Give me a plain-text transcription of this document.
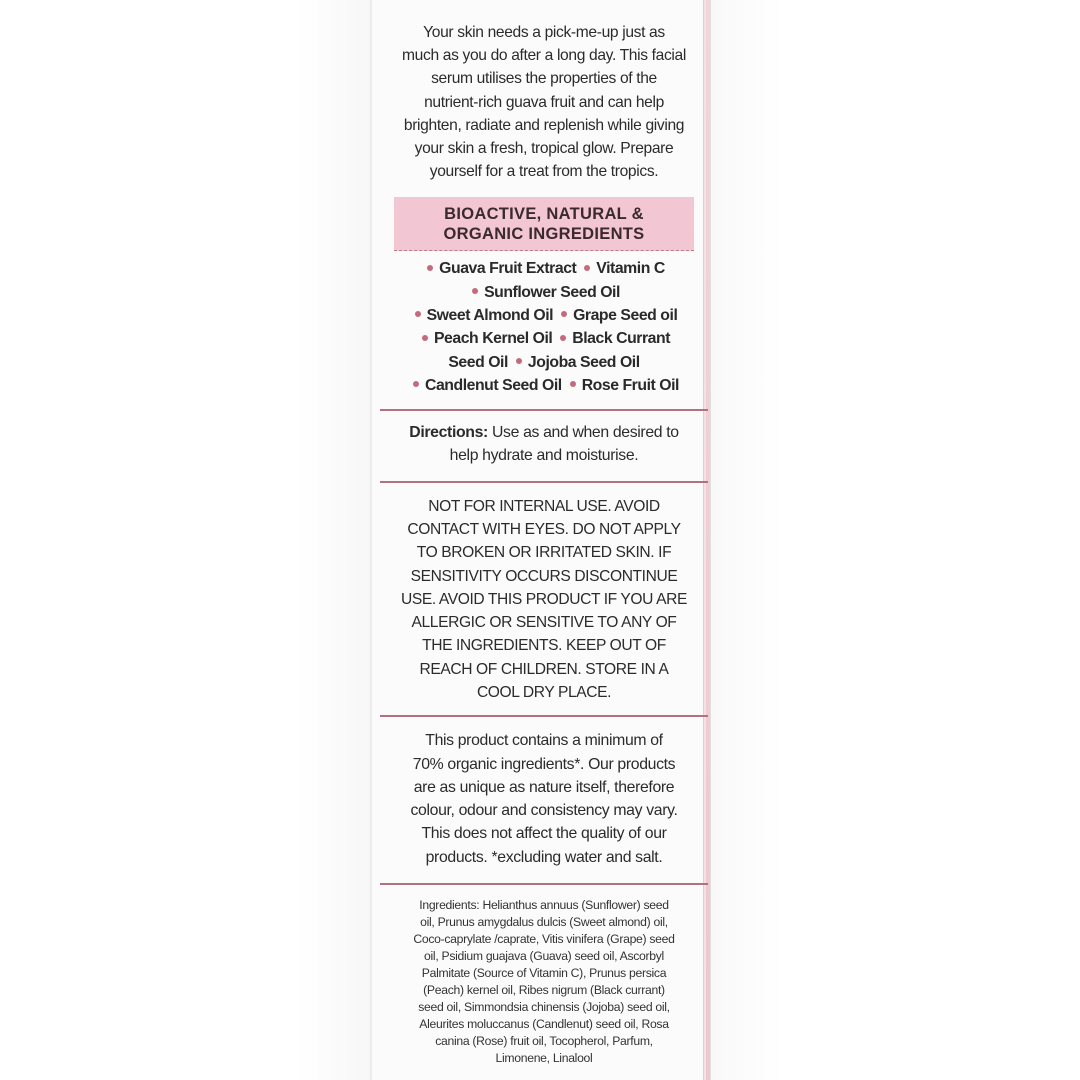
Your skin needs a pick-me-up just as
much as you do after a long day. This facial
serum utilises the properties of the
nutrient-rich guava fruit and can help
brighten, radiate and replenish while giving
your skin a fresh, tropical glow. Prepare
yourself for a treat from the tropics.

BIOACTIVE, NATURAL &
ORGANIC INGREDIENTS
Guava Fruit Extract Vitamin C
Sunflower Seed Oil
Sweet Almond Oil Grape Seed oil
Peach Kernel Oil Black Currant
Seed Oil Jojoba Seed Oil
Candlenut Seed Oil Rose Fruit Oil

Directions: Use as and when desired to
help hydrate and moisturise.

NOT FOR INTERNAL USE. AVOID
CONTACT WITH EYES. DO NOT APPLY
TO BROKEN OR IRRITATED SKIN. IF
SENSITIVITY OCCURS DISCONTINUE
USE. AVOID THIS PRODUCT IF YOU ARE
ALLERGIC OR SENSITIVE TO ANY OF
THE INGREDIENTS. KEEP OUT OF
REACH OF CHILDREN. STORE IN A
COOL DRY PLACE.

This product contains a minimum of
70% organic ingredients*. Our products
are as unique as nature itself, therefore
colour, odour and consistency may vary.
This does not affect the quality of our
products. *excluding water and salt.

Ingredients: Helianthus annuus (Sunflower) seed
oil, Prunus amygdalus dulcis (Sweet almond) oil,
Coco-caprylate /caprate, Vitis vinifera (Grape) seed
oil, Psidium guajava (Guava) seed oil, Ascorbyl
Palmitate (Source of Vitamin C), Prunus persica
(Peach) kernel oil, Ribes nigrum (Black currant)
seed oil, Simmondsia chinensis (Jojoba) seed oil,
Aleurites moluccanus (Candlenut) seed oil, Rosa
canina (Rose) fruit oil, Tocopherol, Parfum,
Limonene, Linalool
